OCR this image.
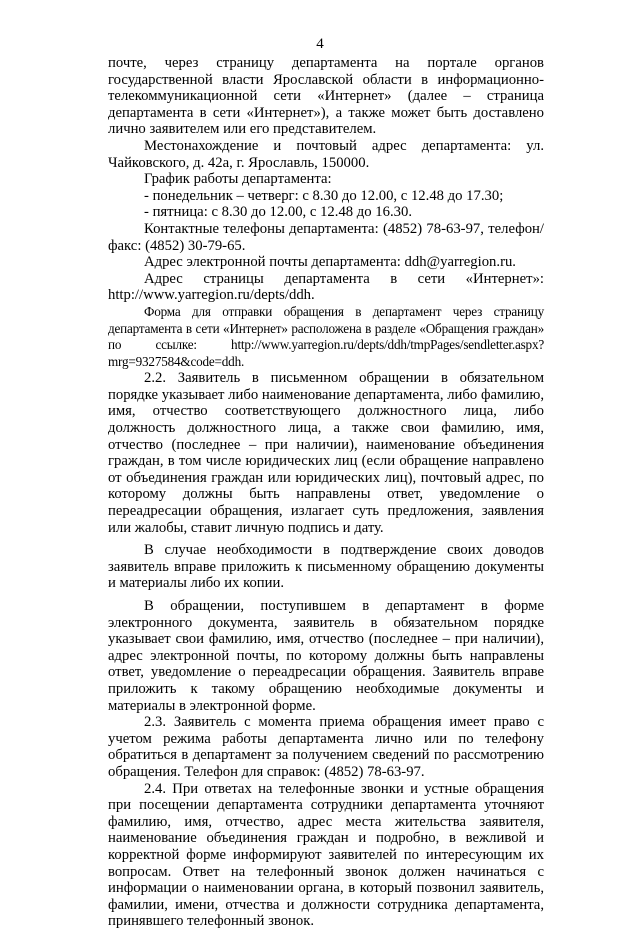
4

почте, через страницу департамента на портале органов государственной власти Ярославской области в информационно-телекоммуникационной сети «Интернет» (далее – страница департамента в сети «Интернет»), а также может быть доставлено лично заявителем или его представителем.

Местонахождение и почтовый адрес департамента: ул. Чайковского, д. 42а, г. Ярославль, 150000.

График работы департамента:

- понедельник – четверг: с 8.30 до 12.00, с 12.48 до 17.30;

- пятница: с 8.30 до 12.00, с 12.48 до 16.30.

Контактные телефоны департамента: (4852) 78-63-97, телефон/факс: (4852) 30-79-65.

Адрес электронной почты департамента: ddh@yarregion.ru.

Адрес страницы департамента в сети «Интернет»: http://www.yarregion.ru/depts/ddh.

Форма для отправки обращения в департамент через страницу департамента в сети «Интернет» расположена в разделе «Обращения граждан» по ссылке: http://www.yarregion.ru/depts/ddh/tmpPages/sendletter.aspx?mrg=9327584&code=ddh.

2.2. Заявитель в письменном обращении в обязательном порядке указывает либо наименование департамента, либо фамилию, имя, отчество соответствующего должностного лица, либо должность должностного лица, а также свои фамилию, имя, отчество (последнее – при наличии), наименование объединения граждан, в том числе юридических лиц (если обращение направлено от объединения граждан или юридических лиц), почтовый адрес, по которому должны быть направлены ответ, уведомление о переадресации обращения, излагает суть предложения, заявления или жалобы, ставит личную подпись и дату.

В случае необходимости в подтверждение своих доводов заявитель вправе приложить к письменному обращению документы и материалы либо их копии.

В обращении, поступившем в департамент в форме электронного документа, заявитель в обязательном порядке указывает свои фамилию, имя, отчество (последнее – при наличии), адрес электронной почты, по которому должны быть направлены ответ, уведомление о переадресации обращения. Заявитель вправе приложить к такому обращению необходимые документы и материалы в электронной форме.

2.3. Заявитель с момента приема обращения имеет право с учетом режима работы департамента лично или по телефону обратиться в департамент за получением сведений по рассмотрению обращения. Телефон для справок: (4852) 78-63-97.

2.4. При ответах на телефонные звонки и устные обращения при посещении департамента сотрудники департамента уточняют фамилию, имя, отчество, адрес места жительства заявителя, наименование объединения граждан и подробно, в вежливой и корректной форме информируют заявителей по интересующим их вопросам. Ответ на телефонный звонок должен начинаться с информации о наименовании органа, в который позвонил заявитель, фамилии, имени, отчества и должности сотрудника департамента, принявшего телефонный звонок.
